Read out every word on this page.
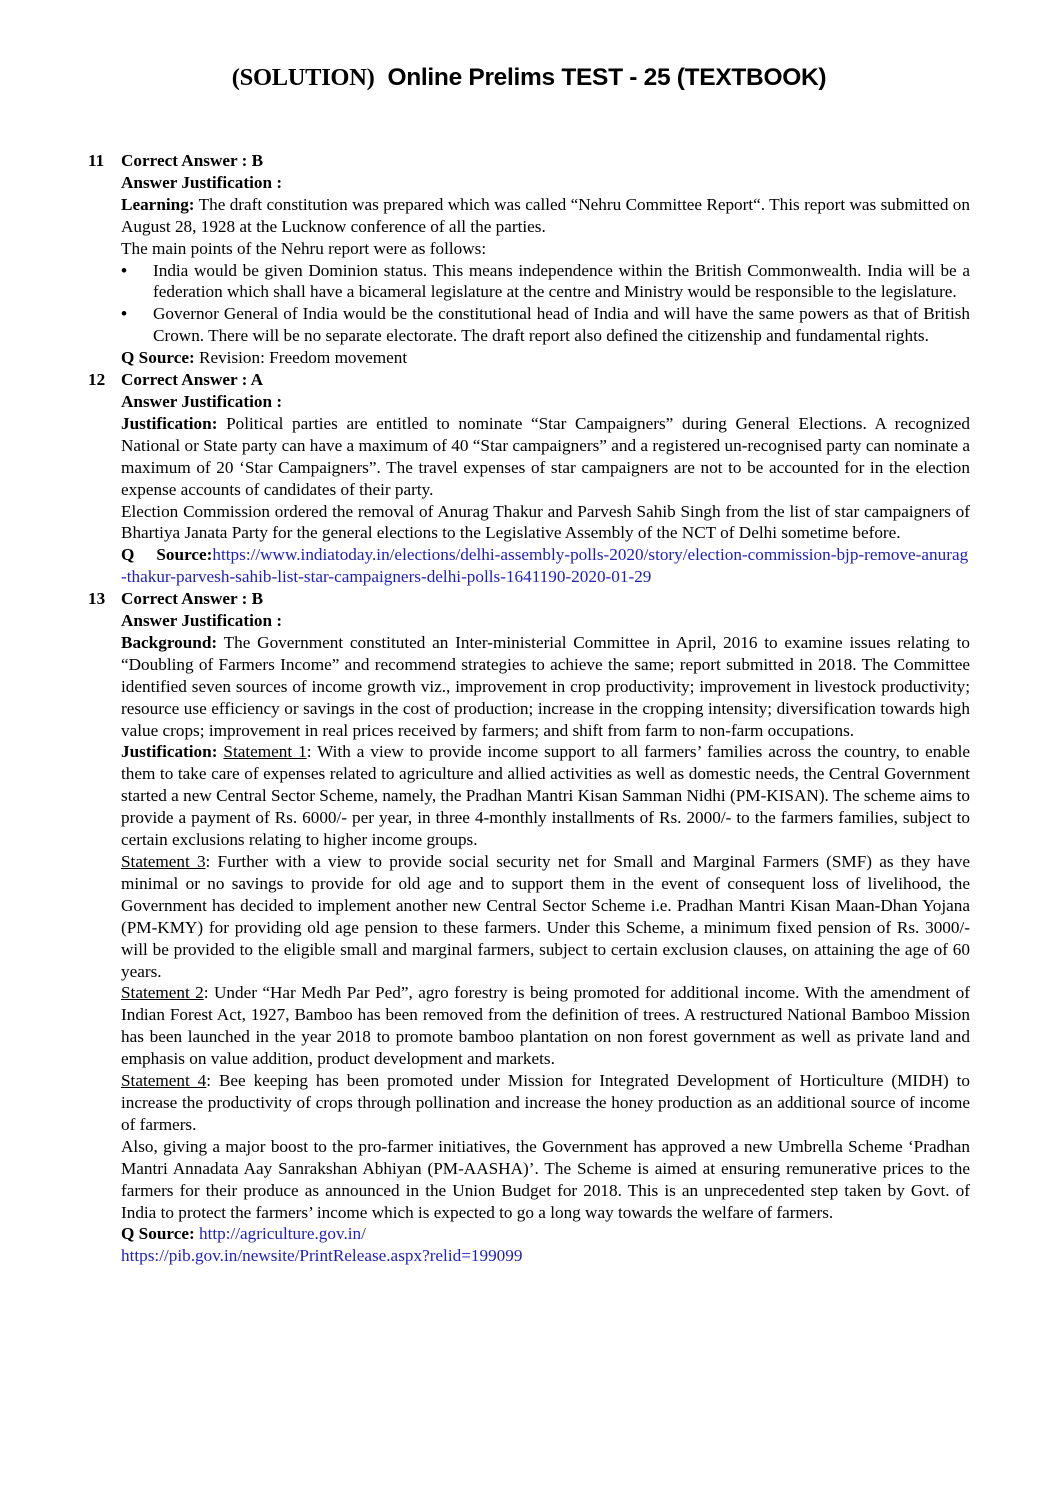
(SOLUTION) Online Prelims TEST - 25 (TEXTBOOK)
11 Correct Answer : B
Answer Justification :

Learning: The draft constitution was prepared which was called “Nehru Committee Report“. This report was submitted on August 28, 1928 at the Lucknow conference of all the parties.

The main points of the Nehru report were as follows:
•	India would be given Dominion status. This means independence within the British Commonwealth. India will be a federation which shall have a bicameral legislature at the centre and Ministry would be responsible to the legislature.
•	Governor General of India would be the constitutional head of India and will have the same powers as that of British Crown. There will be no separate electorate. The draft report also defined the citizenship and fundamental rights.
Q Source: Revision: Freedom movement
12 Correct Answer : A
Answer Justification :

Justification: Political parties are entitled to nominate “Star Campaigners” during General Elections. A recognized National or State party can have a maximum of 40 “Star campaigners” and a registered un-recognised party can nominate a maximum of 20 ‘Star Campaigners”. The travel expenses of star campaigners are not to be accounted for in the election expense accounts of candidates of their party.

Election Commission ordered the removal of Anurag Thakur and Parvesh Sahib Singh from the list of star campaigners of Bhartiya Janata Party for the general elections to the Legislative Assembly of the NCT of Delhi sometime before.

Q Source:https://www.indiatoday.in/elections/delhi-assembly-polls-2020/story/election-commission-bjp-remove-anurag-thakur-parvesh-sahib-list-star-campaigners-delhi-polls-1641190-2020-01-29

13 Correct Answer : B
Answer Justification :

Background: The Government constituted an Inter-ministerial Committee in April, 2016 to examine issues relating to “Doubling of Farmers Income” and recommend strategies to achieve the same; report submitted in 2018. The Committee identified seven sources of income growth viz., improvement in crop productivity; improvement in livestock productivity; resource use efficiency or savings in the cost of production; increase in the cropping intensity; diversification towards high value crops; improvement in real prices received by farmers; and shift from farm to non-farm occupations.

Justification: Statement 1: With a view to provide income support to all farmers’ families across the country, to enable them to take care of expenses related to agriculture and allied activities as well as domestic needs, the Central Government started a new Central Sector Scheme, namely, the Pradhan Mantri Kisan Samman Nidhi (PM-KISAN). The scheme aims to provide a payment of Rs. 6000/- per year, in three 4-monthly installments of Rs. 2000/- to the farmers families, subject to certain exclusions relating to higher income groups.

Statement 3: Further with a view to provide social security net for Small and Marginal Farmers (SMF) as they have minimal or no savings to provide for old age and to support them in the event of consequent loss of livelihood, the Government has decided to implement another new Central Sector Scheme i.e. Pradhan Mantri Kisan Maan-Dhan Yojana (PM-KMY) for providing old age pension to these farmers. Under this Scheme, a minimum fixed pension of Rs. 3000/- will be provided to the eligible small and marginal farmers, subject to certain exclusion clauses, on attaining the age of 60 years.

Statement 2: Under “Har Medh Par Ped”, agro forestry is being promoted for additional income. With the amendment of Indian Forest Act, 1927, Bamboo has been removed from the definition of trees. A restructured National Bamboo Mission has been launched in the year 2018 to promote bamboo plantation on non forest government as well as private land and emphasis on value addition, product development and markets.

Statement 4: Bee keeping has been promoted under Mission for Integrated Development of Horticulture (MIDH) to increase the productivity of crops through pollination and increase the honey production as an additional source of income of farmers.

Also, giving a major boost to the pro-farmer initiatives, the Government has approved a new Umbrella Scheme ‘Pradhan Mantri Annadata Aay Sanrakshan Abhiyan (PM-AASHA)’. The Scheme is aimed at ensuring remunerative prices to the farmers for their produce as announced in the Union Budget for 2018. This is an unprecedented step taken by Govt. of India to protect the farmers’ income which is expected to go a long way towards the welfare of farmers.

Q Source: http://agriculture.gov.in/
https://pib.gov.in/newsite/PrintRelease.aspx?relid=199099
